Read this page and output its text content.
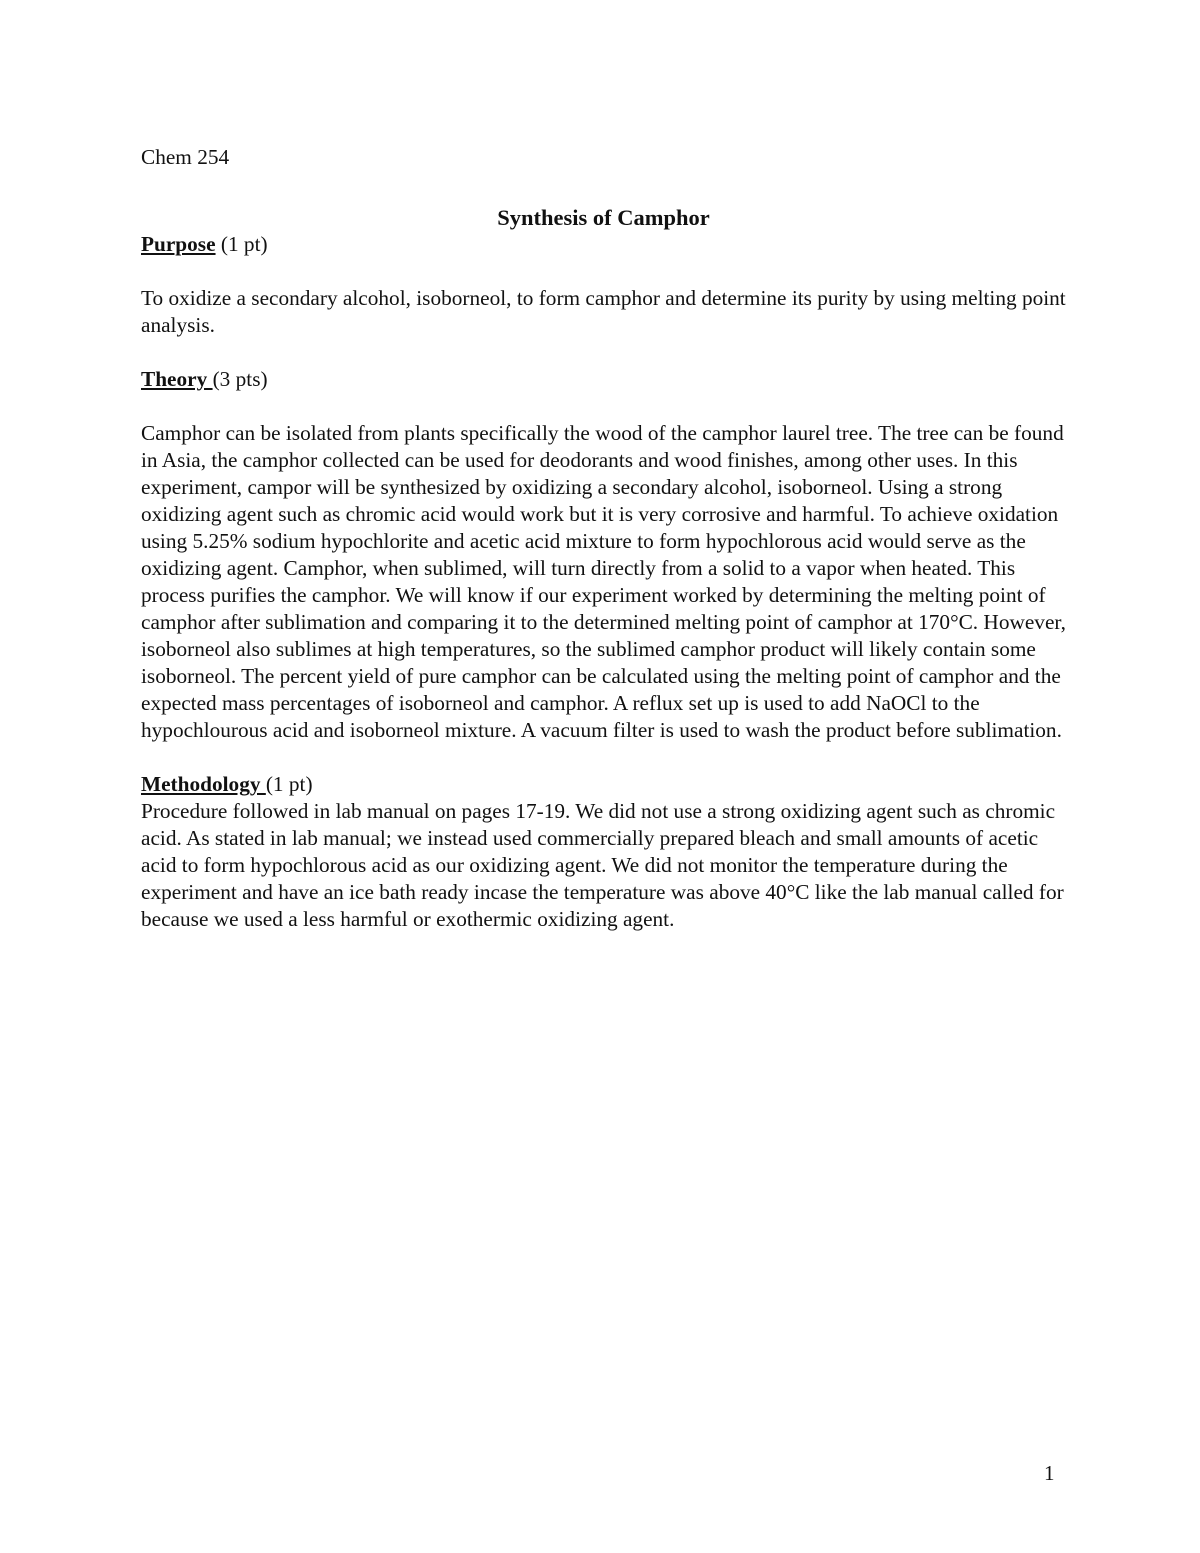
Chem 254

Synthesis of Camphor

Purpose (1 pt)

To oxidize a secondary alcohol, isoborneol, to form camphor and determine its purity by using melting point analysis.

Theory (3 pts)

Camphor can be isolated from plants specifically the wood of the camphor laurel tree. The tree can be found in Asia, the camphor collected can be used for deodorants and wood finishes, among other uses. In this experiment, campor will be synthesized by oxidizing a secondary alcohol, isoborneol. Using a strong oxidizing agent such as chromic acid would work but it is very corrosive and harmful. To achieve oxidation using 5.25% sodium hypochlorite and acetic acid mixture to form hypochlorous acid would serve as the oxidizing agent. Camphor, when sublimed, will turn directly from a solid to a vapor when heated. This process purifies the camphor. We will know if our experiment worked by determining the melting point of camphor after sublimation and comparing it to the determined melting point of camphor at 170°C. However, isoborneol also sublimes at high temperatures, so the sublimed camphor product will likely contain some isoborneol. The percent yield of pure camphor can be calculated using the melting point of camphor and the expected mass percentages of isoborneol and camphor. A reflux set up is used to add NaOCl to the hypochlourous acid and isoborneol mixture. A vacuum filter is used to wash the product before sublimation.

Methodology (1 pt)

Procedure followed in lab manual on pages 17-19. We did not use a strong oxidizing agent such as chromic acid. As stated in lab manual; we instead used commercially prepared bleach and small amounts of acetic acid to form hypochlorous acid as our oxidizing agent. We did not monitor the temperature during the experiment and have an ice bath ready incase the temperature was above 40°C like the lab manual called for because we used a less harmful or exothermic oxidizing agent.

1
